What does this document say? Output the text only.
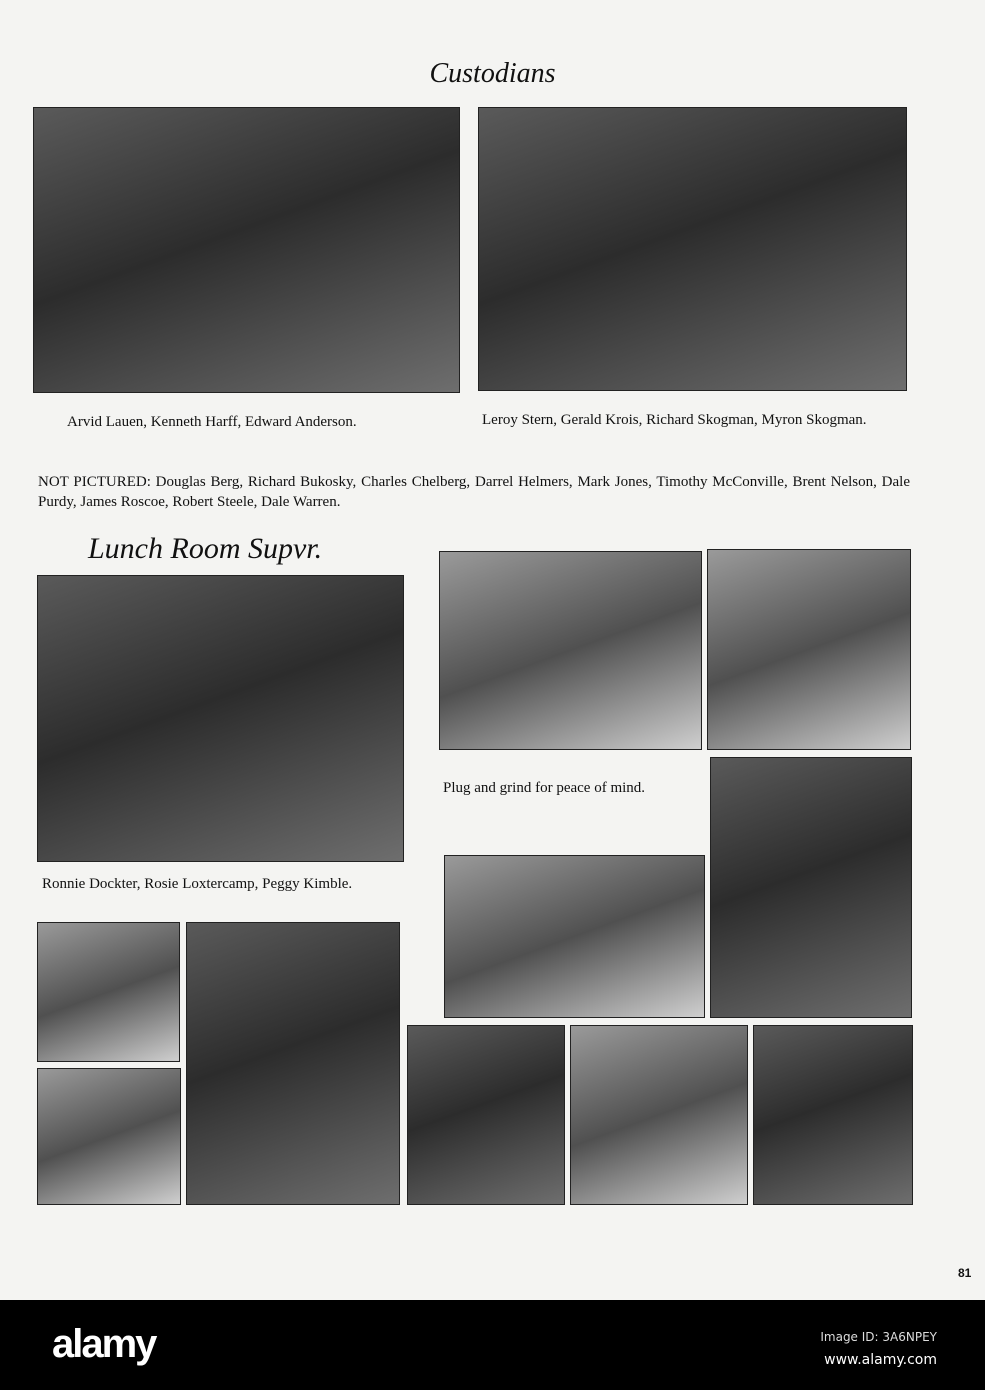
Custodians
Arvid Lauen, Kenneth Harff, Edward Anderson.	Leroy Stern, Gerald Krois, Richard Skogman, Myron Skogman.
NOT PICTURED: Douglas Berg, Richard Bukosky, Charles Chelberg, Darrel Helmers, Mark Jones, Timothy McConville, Brent Nelson, Dale Purdy, James Roscoe, Robert Steele, Dale Warren.
Lunch Room Supvr.
Ronnie Dockter, Rosie Loxtercamp, Peggy Kimble.
Plug and grind for peace of mind.
81
alamy	Image ID: 3A6NPEY
www.alamy.com
